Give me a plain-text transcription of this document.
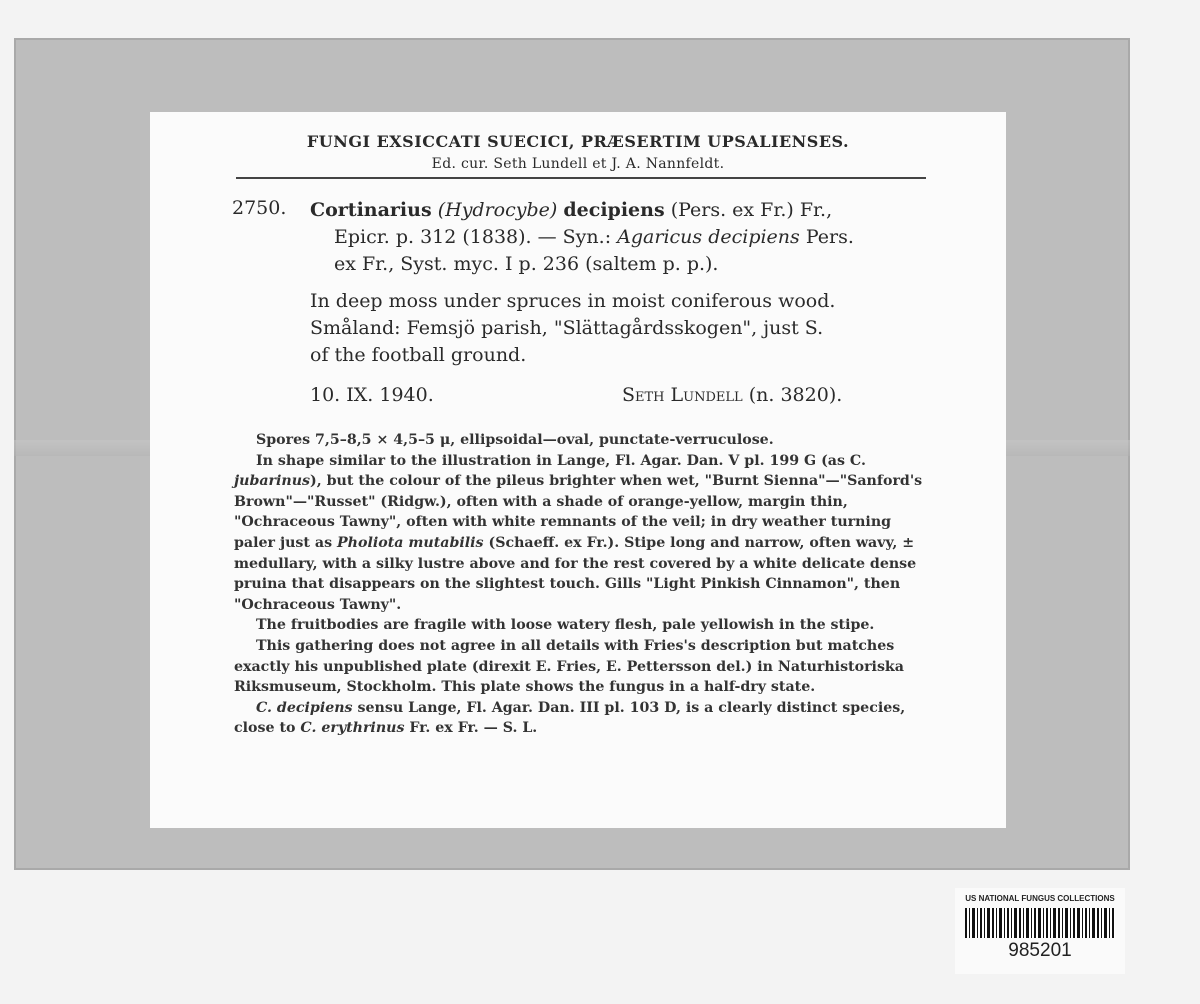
FUNGI EXSICCATI SUECICI, PRÆSERTIM UPSALIENSES.
Ed. cur. Seth Lundell et J. A. Nannfeldt.
2750. Cortinarius (Hydrocybe) decipiens (Pers. ex Fr.) Fr.,
Epicr. p. 312 (1838). — Syn.: Agaricus decipiens Pers.
ex Fr., Syst. myc. I p. 236 (saltem p. p.).
In deep moss under spruces in moist coniferous wood.
Småland: Femsjö parish, "Slättagårdsskogen", just S.
of the football ground.
10. IX. 1940.	Seth Lundell (n. 3820).

Spores 7,5–8,5 × 4,5–5 μ, ellipsoidal—oval, punctate-verruculose.

In shape similar to the illustration in Lange, Fl. Agar. Dan. V pl. 199 G (as C. jubarinus), but the colour of the pileus brighter when wet, "Burnt Sienna"—"Sanford's Brown"—"Russet" (Ridgw.), often with a shade of orange-yellow, margin thin, "Ochraceous Tawny", often with white remnants of the veil; in dry weather turning paler just as Pholiota mutabilis (Schaeff. ex Fr.). Stipe long and narrow, often wavy, ± medullary, with a silky lustre above and for the rest covered by a white delicate dense pruina that disappears on the slightest touch. Gills "Light Pinkish Cinnamon", then "Ochraceous Tawny".

The fruitbodies are fragile with loose watery flesh, pale yellowish in the stipe.

This gathering does not agree in all details with Fries's description but matches exactly his unpublished plate (direxit E. Fries, E. Pettersson del.) in Naturhistoriska Riksmuseum, Stockholm. This plate shows the fungus in a half-dry state.

C. decipiens sensu Lange, Fl. Agar. Dan. III pl. 103 D, is a clearly distinct species, close to C. erythrinus Fr. ex Fr. — S. L.

US NATIONAL FUNGUS COLLECTIONS
985201
